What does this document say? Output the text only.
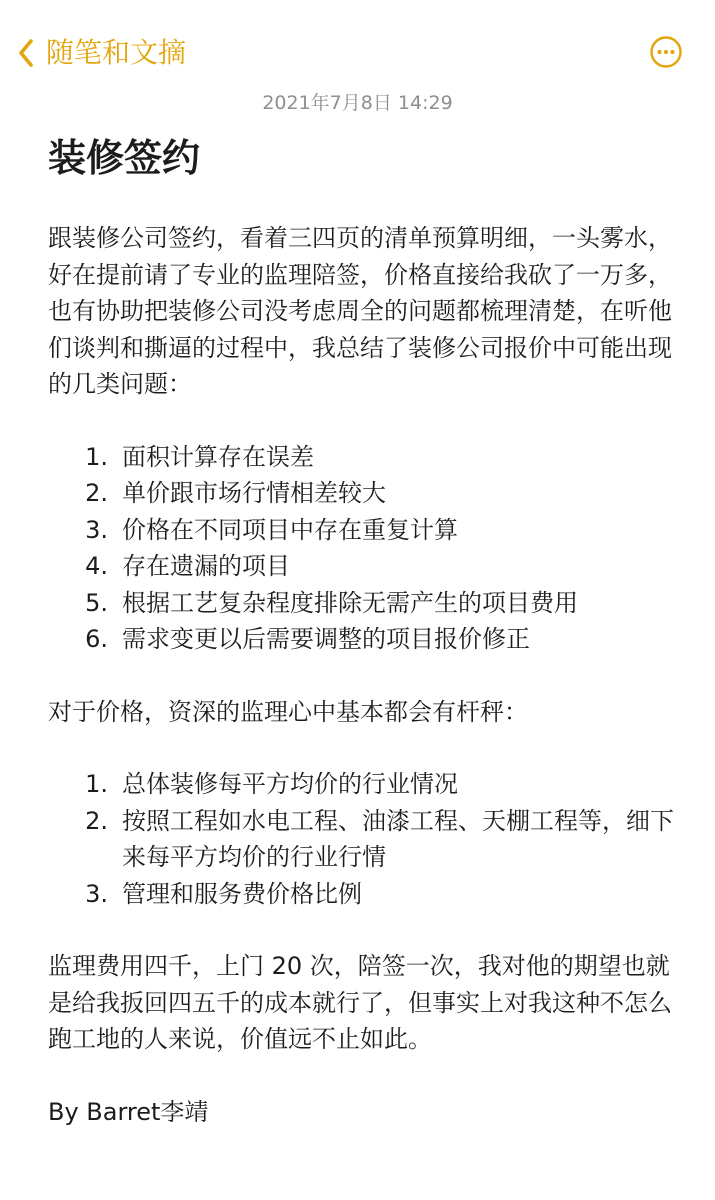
随笔和文摘
2021年7月8日 14:29
装修签约

跟装修公司签约，看着三四页的清单预算明细，一头雾水，好在提前请了专业的监理陪签，价格直接给我砍了一万多，也有协助把装修公司没考虑周全的问题都梳理清楚，在听他们谈判和撕逼的过程中，我总结了装修公司报价中可能出现的几类问题：

1. 面积计算存在误差
2. 单价跟市场行情相差较大
3. 价格在不同项目中存在重复计算
4. 存在遗漏的项目
5. 根据工艺复杂程度排除无需产生的项目费用
6. 需求变更以后需要调整的项目报价修正

对于价格，资深的监理心中基本都会有杆秤：

1. 总体装修每平方均价的行业情况
2. 按照工程如水电工程、油漆工程、天棚工程等，细下来每平方均价的行业行情
3. 管理和服务费价格比例

监理费用四千，上门 20 次，陪签一次，我对他的期望也就是给我扳回四五千的成本就行了，但事实上对我这种不怎么跑工地的人来说，价值远不止如此。

By Barret李靖
